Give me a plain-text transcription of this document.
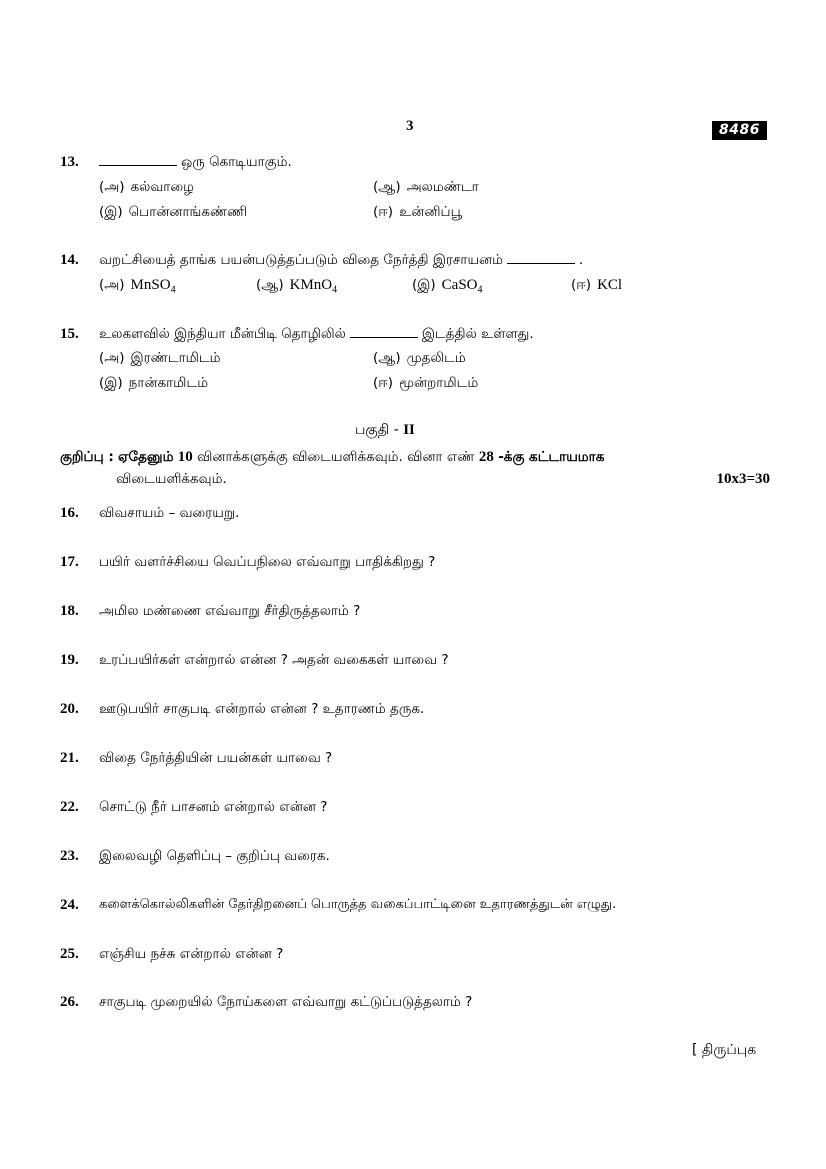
3	8486
13.	ஒரு கொடியாகும்.
(அ) கல்வாழை	(ஆ) அலமண்டா
(இ) பொன்னாங்கண்ணி	(ஈ) உன்னிப்பூ
14.	வறட்சியைத் தாங்க பயன்படுத்தப்படும் விதை நேர்த்தி இரசாயனம்	.
(அ) MnSO$_4$	(ஆ) KMnO$_4$	(இ) CaSO$_4$	(ஈ) KCl
15.	உலகளவில் இந்தியா மீன்பிடி தொழிலில்	இடத்தில் உள்ளது.
(அ) இரண்டாமிடம்	(ஆ) முதலிடம்
(இ) நான்காமிடம்	(ஈ) மூன்றாமிடம்
பகுதி - II
குறிப்பு : ஏதேனும் 10 வினாக்களுக்கு விடையளிக்கவும். வினா எண் 28 -க்கு கட்டாயமாக
விடையளிக்கவும்.	10x3=30
16.	விவசாயம் – வரையறு.
17.	பயிர் வளர்ச்சியை வெப்பநிலை எவ்வாறு பாதிக்கிறது ?
18.	அமில மண்ணை எவ்வாறு சீர்திருத்தலாம் ?
19.	உரப்பயிர்கள் என்றால் என்ன ? அதன் வகைகள் யாவை ?
20.	ஊடுபயிர் சாகுபடி என்றால் என்ன ? உதாரணம் தருக.
21.	விதை நேர்த்தியின் பயன்கள் யாவை ?
22.	சொட்டு நீர் பாசனம் என்றால் என்ன ?
23.	இலைவழி தெளிப்பு – குறிப்பு வரைக.
24.	களைக்கொல்லிகளின் தேர்திறனைப் பொருத்த வகைப்பாட்டினை உதாரணத்துடன் எழுது.
25.	எஞ்சிய நச்சு என்றால் என்ன ?
26.	சாகுபடி முறையில் நோய்களை எவ்வாறு கட்டுப்படுத்தலாம் ?
[ திருப்புக
